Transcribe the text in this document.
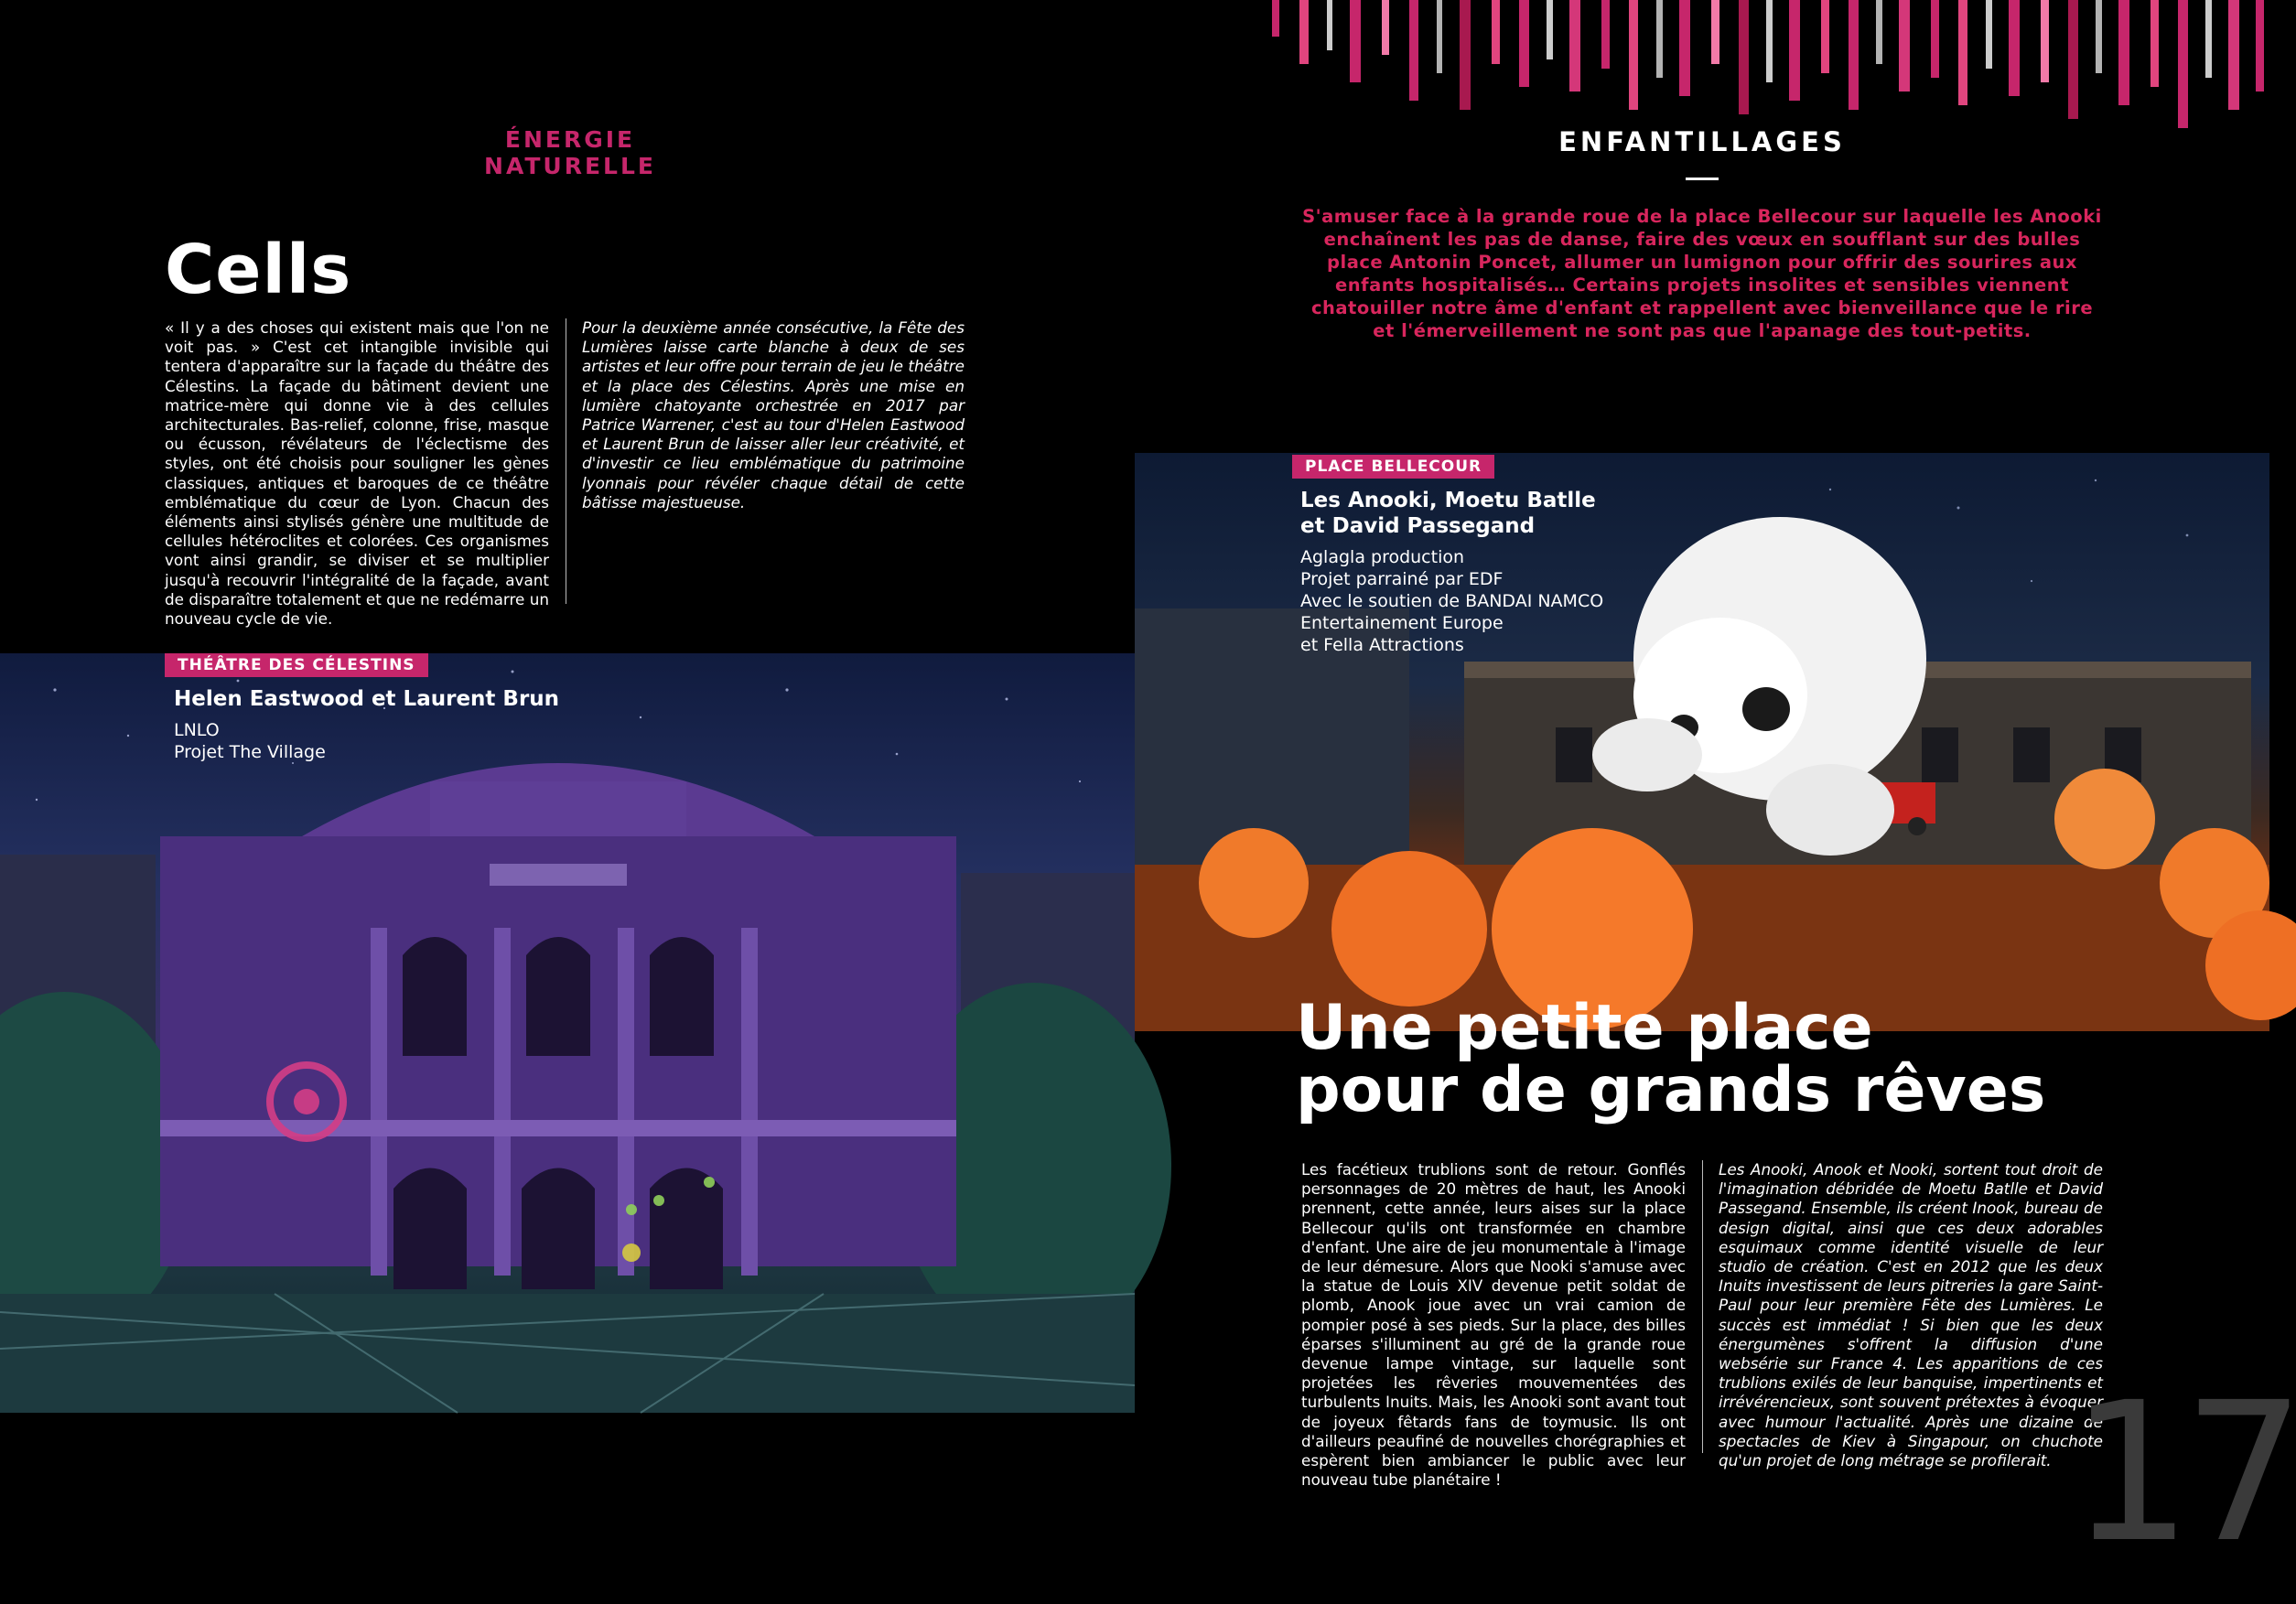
ÉNERGIE NATURELLE
Cells

« Il y a des choses qui existent mais que l'on ne voit pas. » C'est cet intangible invisible qui tentera d'apparaître sur la façade du théâtre des Célestins. La façade du bâtiment devient une matrice-mère qui donne vie à des cellules architecturales. Bas-relief, colonne, frise, masque ou écusson, révélateurs de l'éclectisme des styles, ont été choisis pour souligner les gènes classiques, antiques et baroques de ce théâtre emblématique du cœur de Lyon. Chacun des éléments ainsi stylisés génère une multitude de cellules hétéroclites et colorées. Ces organismes vont ainsi grandir, se diviser et se multiplier jusqu'à recouvrir l'intégralité de la façade, avant de disparaître totalement et que ne redémarre un nouveau cycle de vie.

Pour la deuxième année consécutive, la Fête des Lumières laisse carte blanche à deux de ses artistes et leur offre pour terrain de jeu le théâtre et la place des Célestins. Après une mise en lumière chatoyante orchestrée en 2017 par Patrice Warrener, c'est au tour d'Helen Eastwood et Laurent Brun de laisser aller leur créativité, et d'investir ce lieu emblématique du patrimoine lyonnais pour révéler chaque détail de cette bâtisse majestueuse.

THÉÂTRE DES CÉLESTINS
Helen Eastwood et Laurent Brun
LNLO
Projet The Village
ENFANTILLAGES
S'amuser face à la grande roue de la place Bellecour sur laquelle les Anooki enchaînent les pas de danse, faire des vœux en soufflant sur des bulles place Antonin Poncet, allumer un lumignon pour offrir des sourires aux enfants hospitalisés… Certains projets insolites et sensibles viennent chatouiller notre âme d'enfant et rappellent avec bienveillance que le rire et l'émerveillement ne sont pas que l'apanage des tout-petits.
PLACE BELLECOUR
Les Anooki, Moetu Batlle
et David Passegand
Aglagla production
Projet parrainé par EDF
Avec le soutien de BANDAI NAMCO
Entertainement Europe
et Fella Attractions
Une petite place
pour de grands rêves

Les facétieux trublions sont de retour. Gonflés personnages de 20 mètres de haut, les Anooki prennent, cette année, leurs aises sur la place Bellecour qu'ils ont transformée en chambre d'enfant. Une aire de jeu monumentale à l'image de leur démesure. Alors que Nooki s'amuse avec la statue de Louis XIV devenue petit soldat de plomb, Anook joue avec un vrai camion de pompier posé à ses pieds. Sur la place, des billes éparses s'illuminent au gré de la grande roue devenue lampe vintage, sur laquelle sont projetées les rêveries mouvementées des turbulents Inuits. Mais, les Anooki sont avant tout de joyeux fêtards fans de toymusic. Ils ont d'ailleurs peaufiné de nouvelles chorégraphies et espèrent bien ambiancer le public avec leur nouveau tube planétaire !

Les Anooki, Anook et Nooki, sortent tout droit de l'imagination débridée de Moetu Batlle et David Passegand. Ensemble, ils créent Inook, bureau de design digital, ainsi que ces deux adorables esquimaux comme identité visuelle de leur studio de création. C'est en 2012 que les deux Inuits investissent de leurs pitreries la gare Saint-Paul pour leur première Fête des Lumières. Le succès est immédiat ! Si bien que les deux énergumènes s'offrent la diffusion d'une websérie sur France 4. Les apparitions de ces trublions exilés de leur banquise, impertinents et irrévérencieux, sont souvent prétextes à évoquer avec humour l'actualité. Après une dizaine de spectacles de Kiev à Singapour, on chuchote qu'un projet de long métrage se profilerait. 17
